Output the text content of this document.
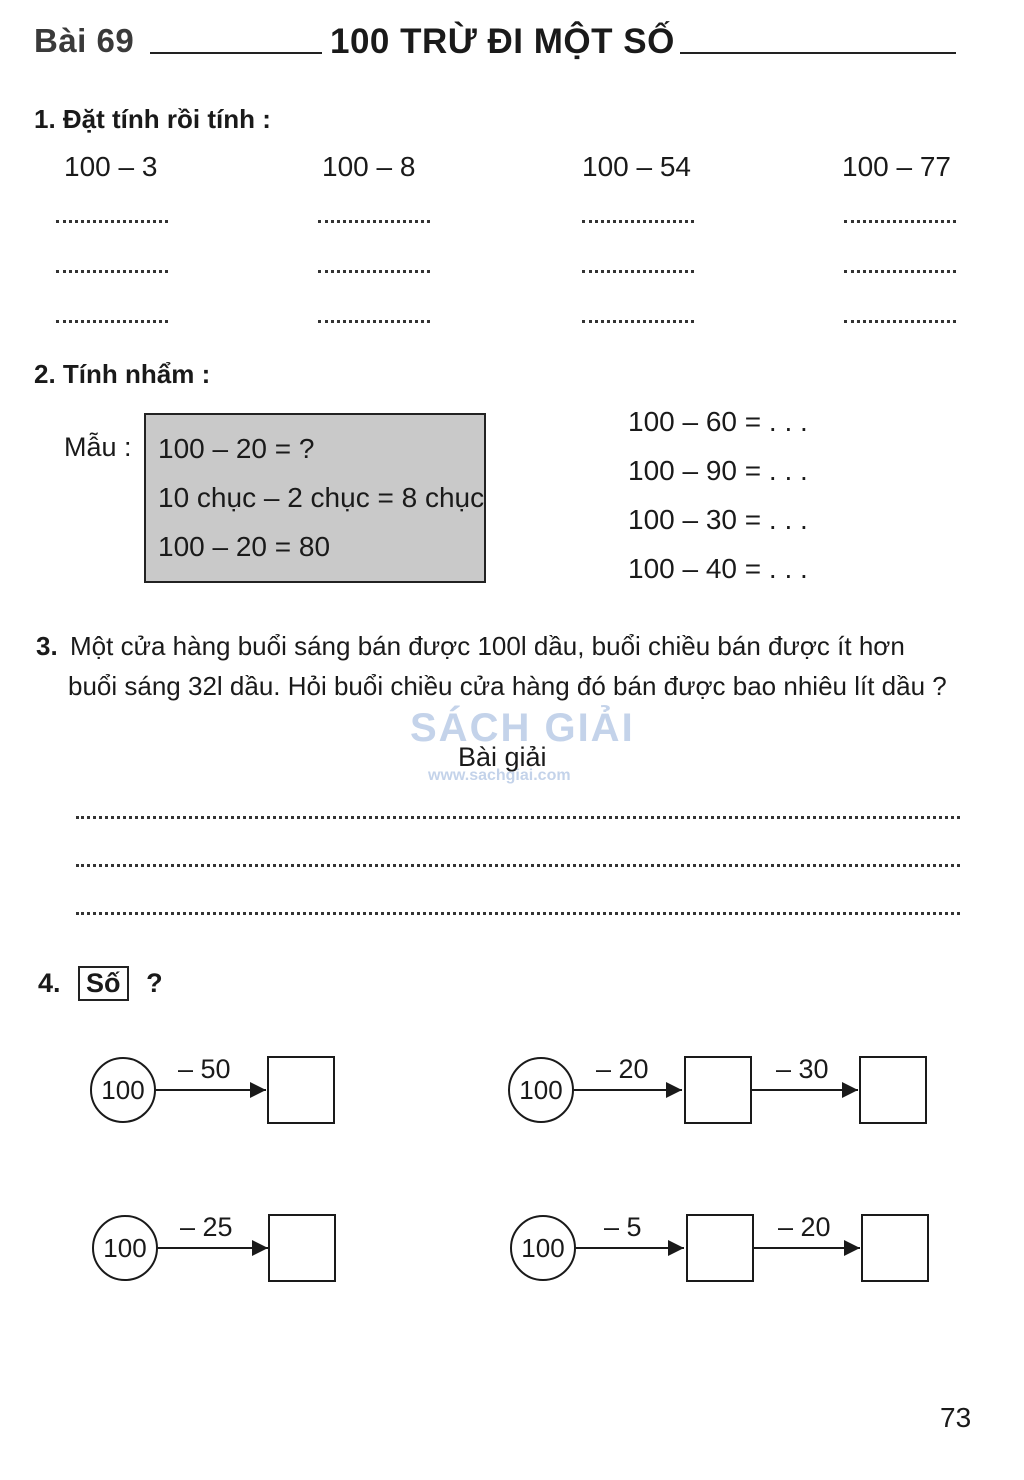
Bài 69	100 TRỪ ĐI MỘT SỐ
1. Đặt tính rồi tính :
100 – 3	100 – 8	100 – 54	100 – 77
2. Tính nhẩm :
Mẫu : 100 – 20 = ?
10 chục – 2 chục = 8 chục
100 – 20 = 80
100 – 60 = . . .
100 – 90 = . . .
100 – 30 = . . .
100 – 40 = . . .
3. Một cửa hàng buổi sáng bán được 100l dầu, buổi chiều bán được ít hơn
buổi sáng 32l dầu. Hỏi buổi chiều cửa hàng đó bán được bao nhiêu lít dầu ?
SÁCH GIẢI
www.sachgiai.com
Bài giải
4. Số ?
100
– 50
100
– 20	– 30
100
– 25
100
– 5	– 20
73
